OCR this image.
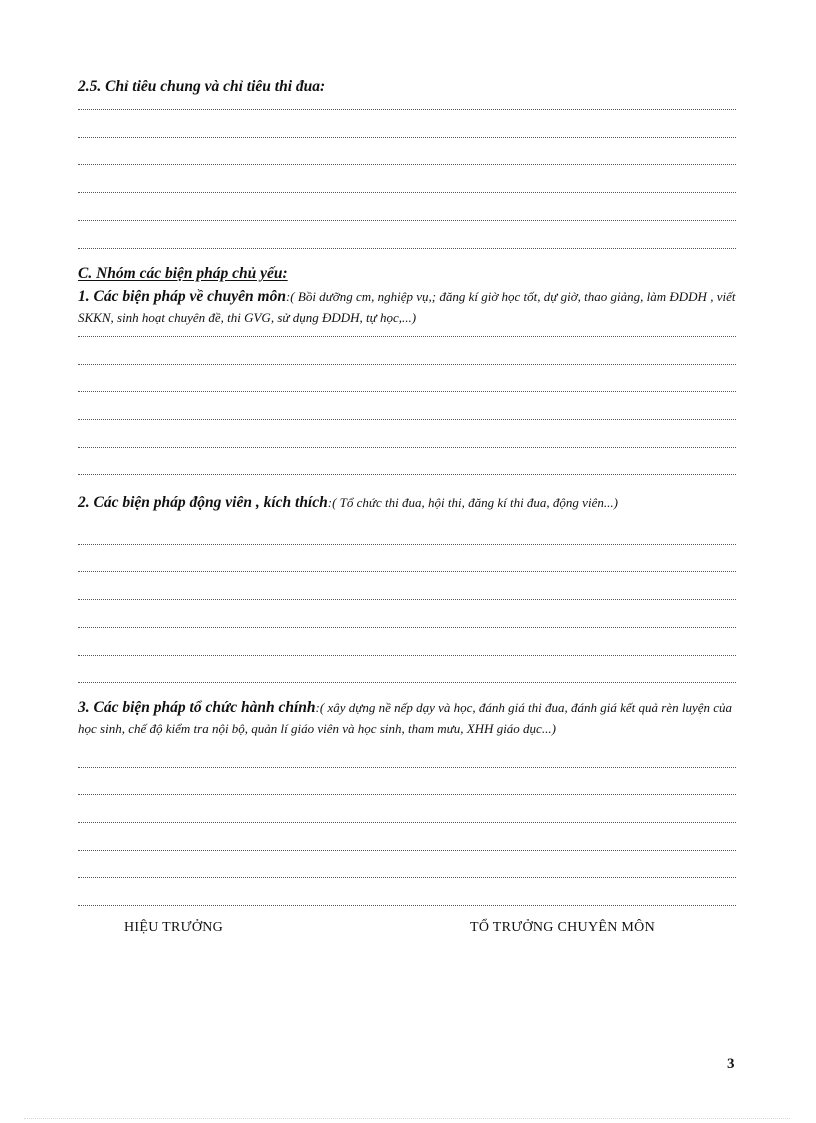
2.5. Chỉ tiêu chung và chỉ tiêu thi đua:
C. Nhóm các biện pháp chủ yếu:
1. Các biện pháp về chuyên môn:( Bồi dưỡng cm, nghiệp vụ,; đăng kí giờ học tốt, dự giờ, thao giảng, làm ĐDDH , viết SKKN, sinh hoạt chuyên đề, thi GVG, sử dụng ĐDDH, tự học,...)
2. Các biện pháp động viên , kích thích:( Tổ chức thi đua, hội thi, đăng kí thi đua, động viên...)
3. Các biện pháp tổ chức hành chính:( xây dựng nề nếp dạy và học, đánh giá thi đua, đánh giá kết quả rèn luyện của học sinh, chế độ kiểm tra nội bộ, quản lí giáo viên và học sinh, tham mưu, XHH giáo dục...)
HIỆU TRƯỞNG	TỔ TRƯỞNG CHUYÊN MÔN
3
